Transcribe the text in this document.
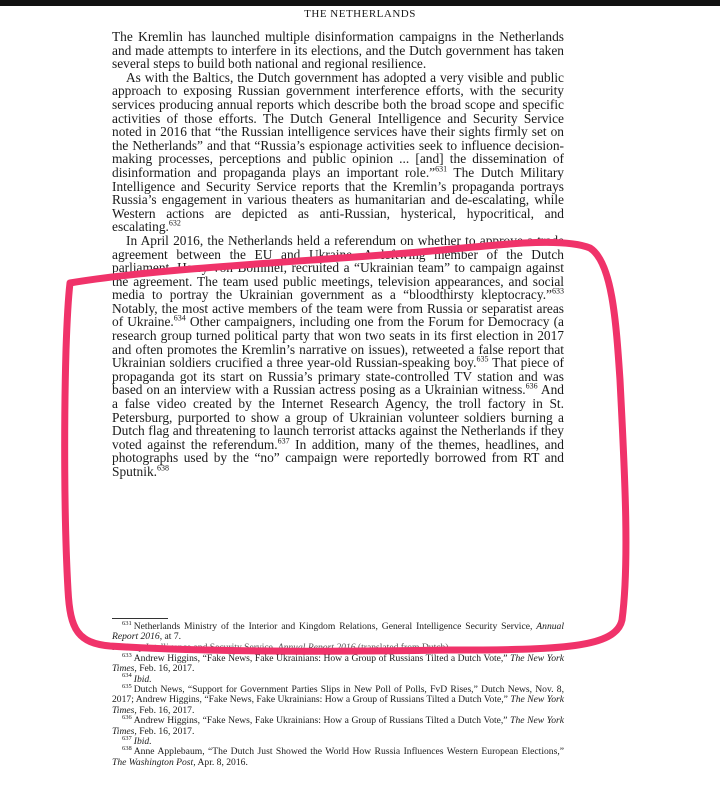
THE NETHERLANDS

The Kremlin has launched multiple disinformation campaigns in the Netherlands and made attempts to interfere in its elections, and the Dutch government has taken several steps to build both national and regional resilience.

As with the Baltics, the Dutch government has adopted a very visible and public approach to exposing Russian government interference efforts, with the security services producing annual reports which describe both the broad scope and specific activities of those efforts. The Dutch General Intelligence and Security Service noted in 2016 that “the Russian intelligence services have their sights firmly set on the Netherlands” and that “Russia’s espionage activities seek to influence decision-making processes, perceptions and public opinion ... [and] the dissemination of disinformation and propaganda plays an important role.”$^{631}$ The Dutch Military Intelligence and Security Service reports that the Kremlin’s propaganda portrays Russia’s engagement in various theaters as humanitarian and de-escalating, while Western actions are depicted as anti-Russian, hysterical, hypocritical, and escalating.$^{632}$

In April 2016, the Netherlands held a referendum on whether to approve a trade agreement between the EU and Ukraine. A leftwing member of the Dutch parliament, Harry von Bommel, recruited a “Ukrainian team” to campaign against the agreement. The team used public meetings, television appearances, and social media to portray the Ukrainian government as a “bloodthirsty kleptocracy.”$^{633}$ Notably, the most active members of the team were from Russia or separatist areas of Ukraine.$^{634}$ Other campaigners, including one from the Forum for Democracy (a research group turned political party that won two seats in its first election in 2017 and often promotes the Kremlin’s narrative on issues), retweeted a false report that Ukrainian soldiers crucified a three year-old Russian-speaking boy.$^{635}$ That piece of propaganda got its start on Russia’s primary state-controlled TV station and was based on an interview with a Russian actress posing as a Ukrainian witness.$^{636}$ And a false video created by the Internet Research Agency, the troll factory in St. Petersburg, purported to show a group of Ukrainian volunteer soldiers burning a Dutch flag and threatening to launch terrorist attacks against the Netherlands if they voted against the referendum.$^{637}$ In addition, many of the themes, headlines, and photographs used by the “no” campaign were reportedly borrowed from RT and Sputnik.$^{638}$

$^{631}$ Netherlands Ministry of the Interior and Kingdom Relations, General Intelligence Security Service, Annual Report 2016, at 7.

Military Intelligence and Security Service, Annual Report 2016 (translated from Dutch).

$^{633}$ Andrew Higgins, “Fake News, Fake Ukrainians: How a Group of Russians Tilted a Dutch Vote,” The New York Times, Feb. 16, 2017.

$^{634}$ Ibid.

$^{635}$ Dutch News, “Support for Government Parties Slips in New Poll of Polls, FvD Rises,” Dutch News, Nov. 8, 2017; Andrew Higgins, “Fake News, Fake Ukrainians: How a Group of Russians Tilted a Dutch Vote,” The New York Times, Feb. 16, 2017.

$^{636}$ Andrew Higgins, “Fake News, Fake Ukrainians: How a Group of Russians Tilted a Dutch Vote,” The New York Times, Feb. 16, 2017.

$^{637}$ Ibid.

$^{638}$ Anne Applebaum, “The Dutch Just Showed the World How Russia Influences Western European Elections,” The Washington Post, Apr. 8, 2016.
